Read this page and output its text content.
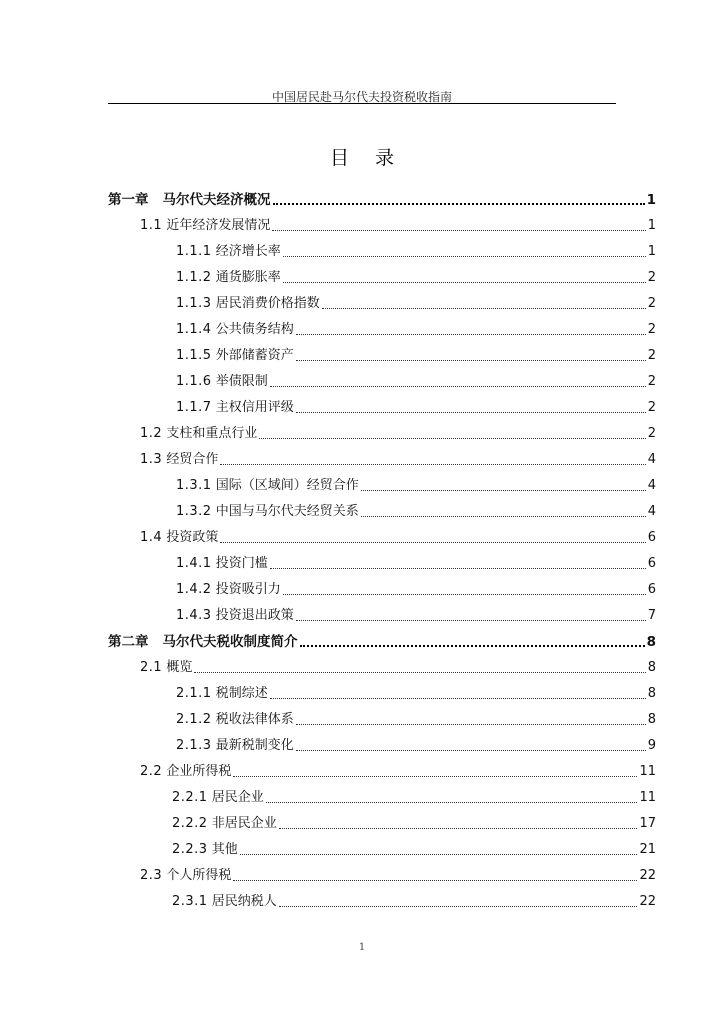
中国居民赴马尔代夫投资税收指南
目录
第一章 马尔代夫经济概况	1
1.1 近年经济发展情况	1
1.1.1 经济增长率	1
1.1.2 通货膨胀率	2
1.1.3 居民消费价格指数	2
1.1.4 公共债务结构	2
1.1.5 外部储蓄资产	2
1.1.6 举债限制	2
1.1.7 主权信用评级	2
1.2 支柱和重点行业	2
1.3 经贸合作	4
1.3.1 国际（区域间）经贸合作	4
1.3.2 中国与马尔代夫经贸关系	4
1.4 投资政策	6
1.4.1 投资门槛	6
1.4.2 投资吸引力	6
1.4.3 投资退出政策	7
第二章 马尔代夫税收制度简介	8
2.1 概览	8
2.1.1 税制综述	8
2.1.2 税收法律体系	8
2.1.3 最新税制变化	9
2.2 企业所得税	11
2.2.1 居民企业	11
2.2.2 非居民企业	17
2.2.3 其他	21
2.3 个人所得税	22
2.3.1 居民纳税人	22
1
